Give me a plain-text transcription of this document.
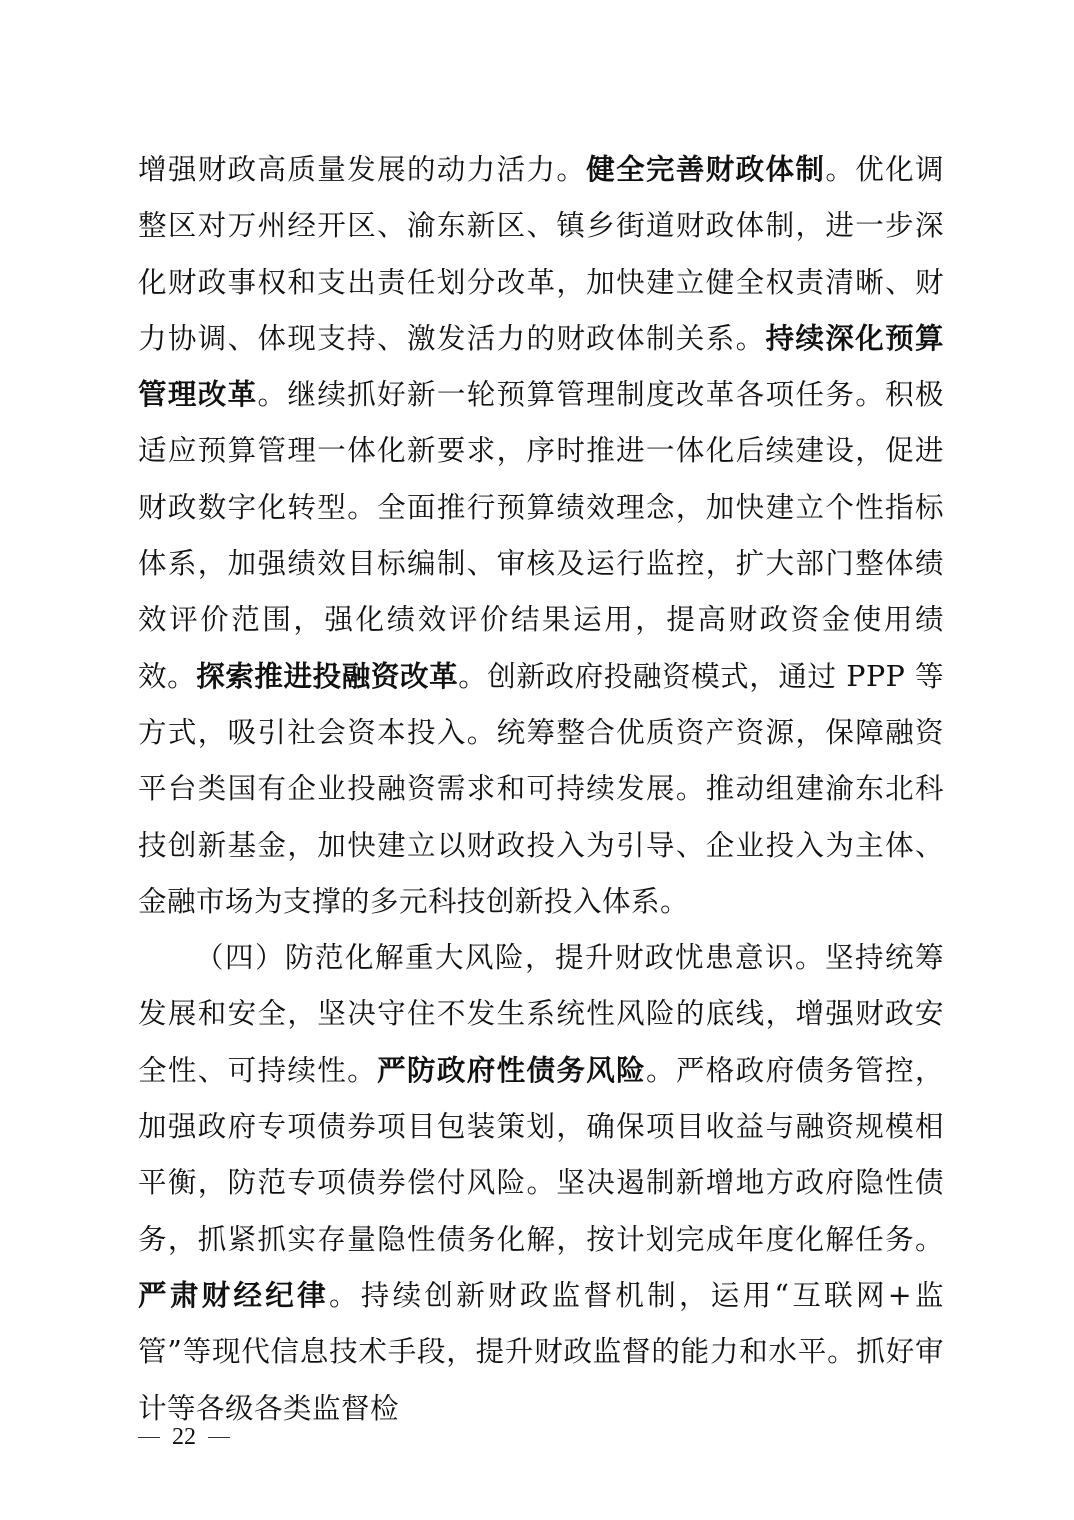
增强财政高质量发展的动力活力。健全完善财政体制。优化调整区对万州经开区、渝东新区、镇乡街道财政体制，进一步深化财政事权和支出责任划分改革，加快建立健全权责清晰、财力协调、体现支持、激发活力的财政体制关系。持续深化预算管理改革。继续抓好新一轮预算管理制度改革各项任务。积极适应预算管理一体化新要求，序时推进一体化后续建设，促进财政数字化转型。全面推行预算绩效理念，加快建立个性指标体系，加强绩效目标编制、审核及运行监控，扩大部门整体绩效评价范围，强化绩效评价结果运用，提高财政资金使用绩效。探索推进投融资改革。创新政府投融资模式，通过 PPP 等方式，吸引社会资本投入。统筹整合优质资产资源，保障融资平台类国有企业投融资需求和可持续发展。推动组建渝东北科技创新基金，加快建立以财政投入为引导、企业投入为主体、金融市场为支撑的多元科技创新投入体系。

（四）防范化解重大风险，提升财政忧患意识。坚持统筹发展和安全，坚决守住不发生系统性风险的底线，增强财政安全性、可持续性。严防政府性债务风险。严格政府债务管控，加强政府专项债券项目包装策划，确保项目收益与融资规模相平衡，防范专项债券偿付风险。坚决遏制新增地方政府隐性债务，抓紧抓实存量隐性债务化解，按计划完成年度化解任务。严肃财经纪律。持续创新财政监督机制，运用“互联网+监管”等现代信息技术手段，提升财政监督的能力和水平。抓好审计等各级各类监督检

22
